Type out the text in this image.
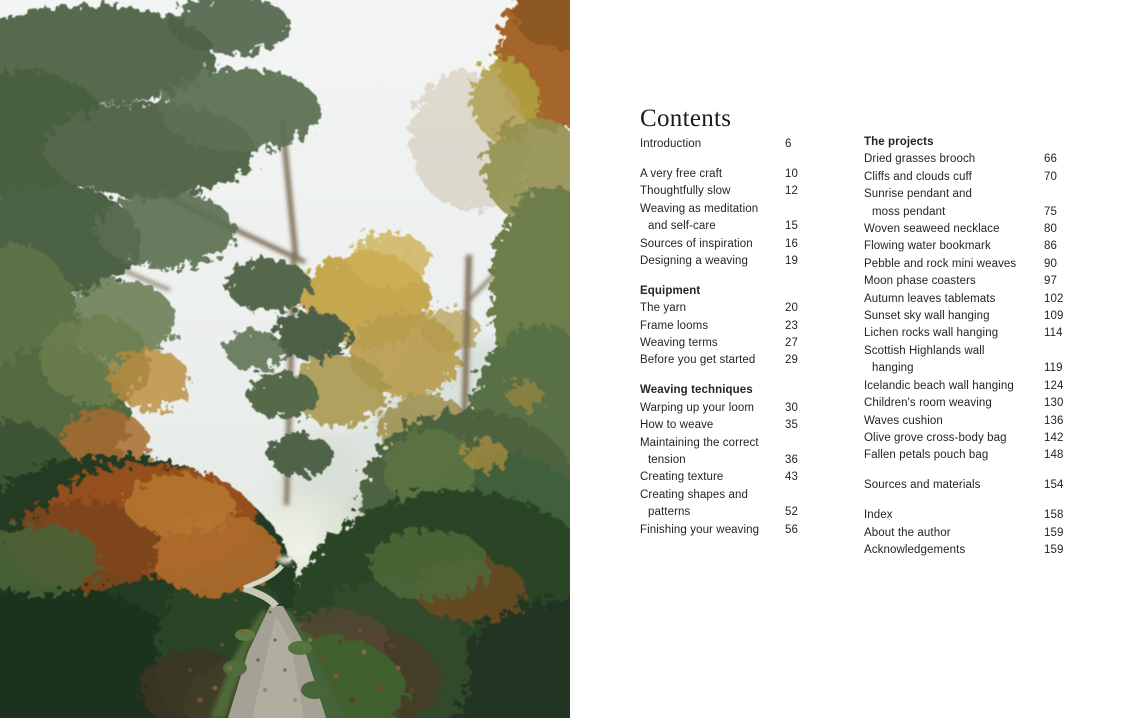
Contents
Introduction	6
A very free craft	10
Thoughtfully slow	12
Weaving as meditation
and self-care	15
Sources of inspiration	16
Designing a weaving	19
Equipment
The yarn	20
Frame looms	23
Weaving terms	27
Before you get started	29
Weaving techniques
Warping up your loom	30
How to weave	35
Maintaining the correct
tension	36
Creating texture	43
Creating shapes and
patterns	52
Finishing your weaving 56
The projects
Dried grasses brooch	66
Cliffs and clouds cuff	70
Sunrise pendant and
moss pendant	75
Woven seaweed necklace	80
Flowing water bookmark	86
Pebble and rock mini weaves 90
Moon phase coasters	97
Autumn leaves tablemats	102
Sunset sky wall hanging	109
Lichen rocks wall hanging	114
Scottish Highlands wall
hanging	119
Icelandic beach wall hanging	124
Children's room weaving	130
Waves cushion	136
Olive grove cross-body bag	142
Fallen petals pouch bag	148
Sources and materials	154
Index	158
About the author	159
Acknowledgements	159
